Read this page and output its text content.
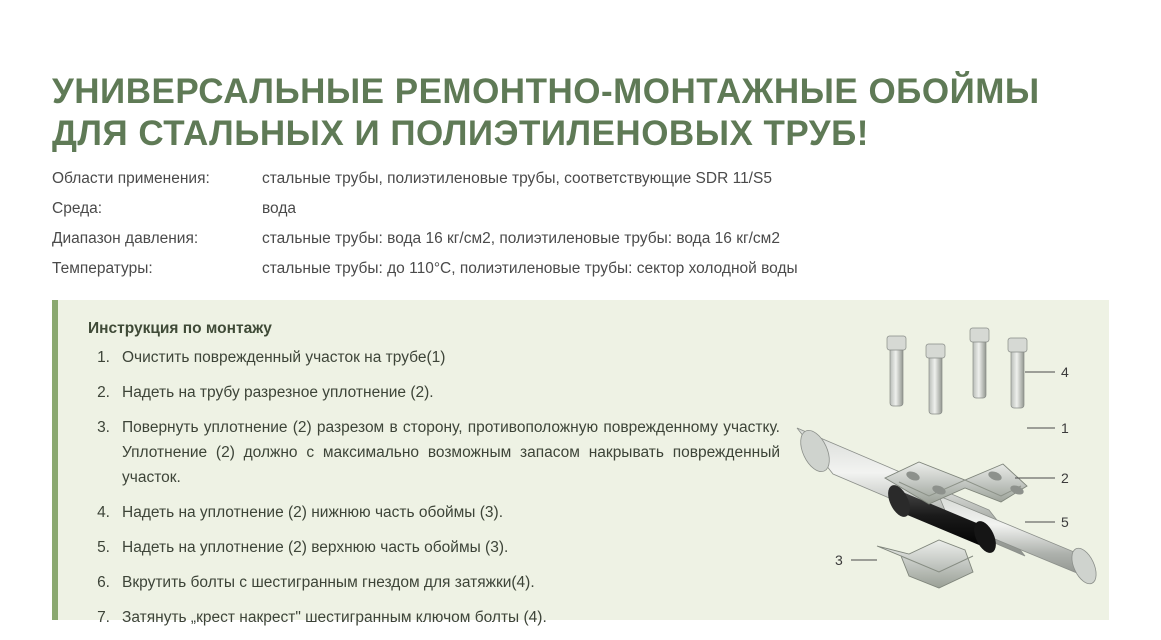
УНИВЕРСАЛЬНЫЕ РЕМОНТНО-МОНТАЖНЫЕ ОБОЙМЫ
ДЛЯ СТАЛЬНЫХ И ПОЛИЭТИЛЕНОВЫХ ТРУБ!
Области применения:	стальные трубы, полиэтиленовые трубы, соответствующие SDR 11/S5
Среда:	вода
Диапазон давления:	стальные трубы: вода 16 кг/см2, полиэтиленовые трубы: вода 16 кг/см2
Температуры:	стальные трубы: до 110°С, полиэтиленовые трубы: сектор холодной воды
Инструкция по монтажу
1. Очистить поврежденный участок на трубе(1)
2. Надеть на трубу разрезное уплотнение (2).
3. Повернуть уплотнение (2) разрезом в сторону, противоположную поврежденному участку. Уплотнение (2) должно с максимально возможным запасом накрывать поврежденный участок.
4. Надеть на уплотнение (2) нижнюю часть обоймы (3).
5. Надеть на уплотнение (2) верхнюю часть обоймы (3).
6. Вкрутить болты с шестигранным гнездом для затяжки(4).
7. Затянуть „крест накрест" шестигранным ключом болты (4).
4
1
2
5
3
